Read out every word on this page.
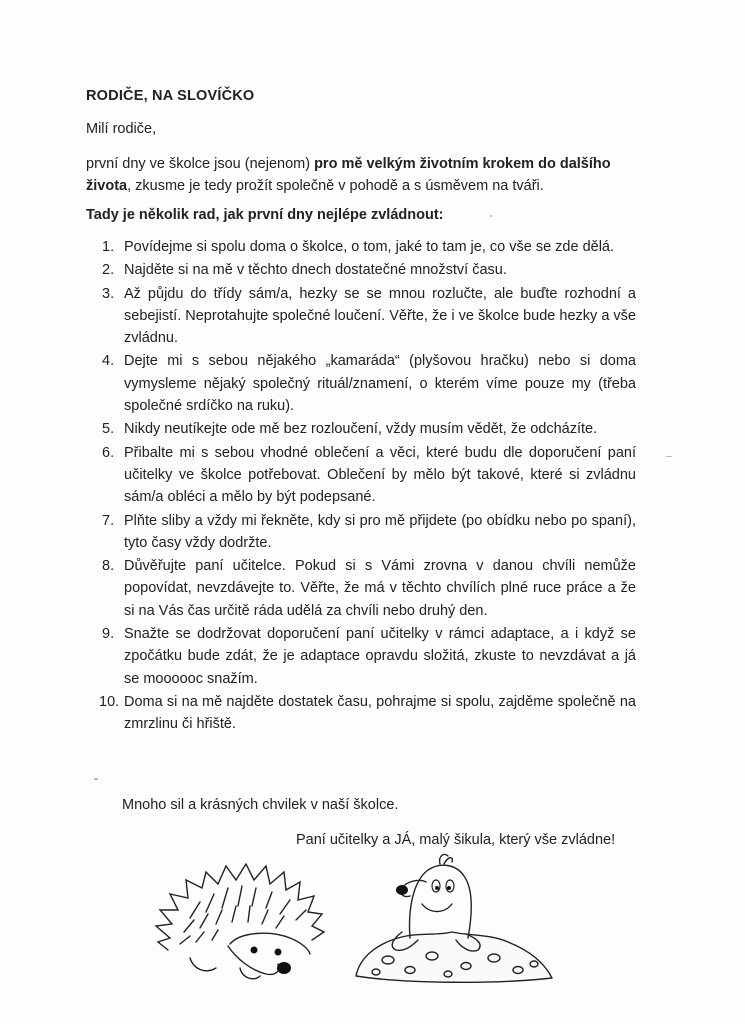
RODIČE, NA SLOVÍČKO
Milí rodiče,
první dny ve školce jsou (nejenom) pro mě velkým životním krokem do dalšího života, zkusme je tedy prožít společně v pohodě a s úsměvem na tváři.
Tady je několik rad, jak první dny nejlépe zvládnout:
1. Povídejme si spolu doma o školce, o tom, jaké to tam je, co vše se zde dělá.
2. Najděte si na mě v těchto dnech dostatečné množství času.
3. Až půjdu do třídy sám/a, hezky se se mnou rozlučte, ale buďte rozhodní a sebejistí. Neprotahujte společné loučení. Věřte, že i ve školce bude hezky a vše zvládnu.
4. Dejte mi s sebou nějakého „kamaráda“ (plyšovou hračku) nebo si doma vymysleme nějaký společný rituál/znamení, o kterém víme pouze my (třeba společné srdíčko na ruku).
5. Nikdy neutíkejte ode mě bez rozloučení, vždy musím vědět, že odcházíte.
6. Přibalte mi s sebou vhodné oblečení a věci, které budu dle doporučení paní učitelky ve školce potřebovat. Oblečení by mělo být takové, které si zvládnu sám/a obléci a mělo by být podepsané.
7. Plňte sliby a vždy mi řekněte, kdy si pro mě přijdete (po obídku nebo po spaní), tyto časy vždy dodržte.
8. Důvěřujte paní učitelce. Pokud si s Vámi zrovna v danou chvíli nemůže popovídat, nevzdávejte to. Věřte, že má v těchto chvílích plné ruce práce a že si na Vás čas určitě ráda udělá za chvíli nebo druhý den.
9. Snažte se dodržovat doporučení paní učitelky v rámci adaptace, a i když se zpočátku bude zdát, že je adaptace opravdu složitá, zkuste to nevzdávat a já se moooooc snažím.
10. Doma si na mě najděte dostatek času, pohrajme si spolu, zajděme společně na zmrzlinu či hřiště.
Mnoho sil a krásných chvilek v naší školce.
Paní učitelky a JÁ, malý šikula, který vše zvládne!
